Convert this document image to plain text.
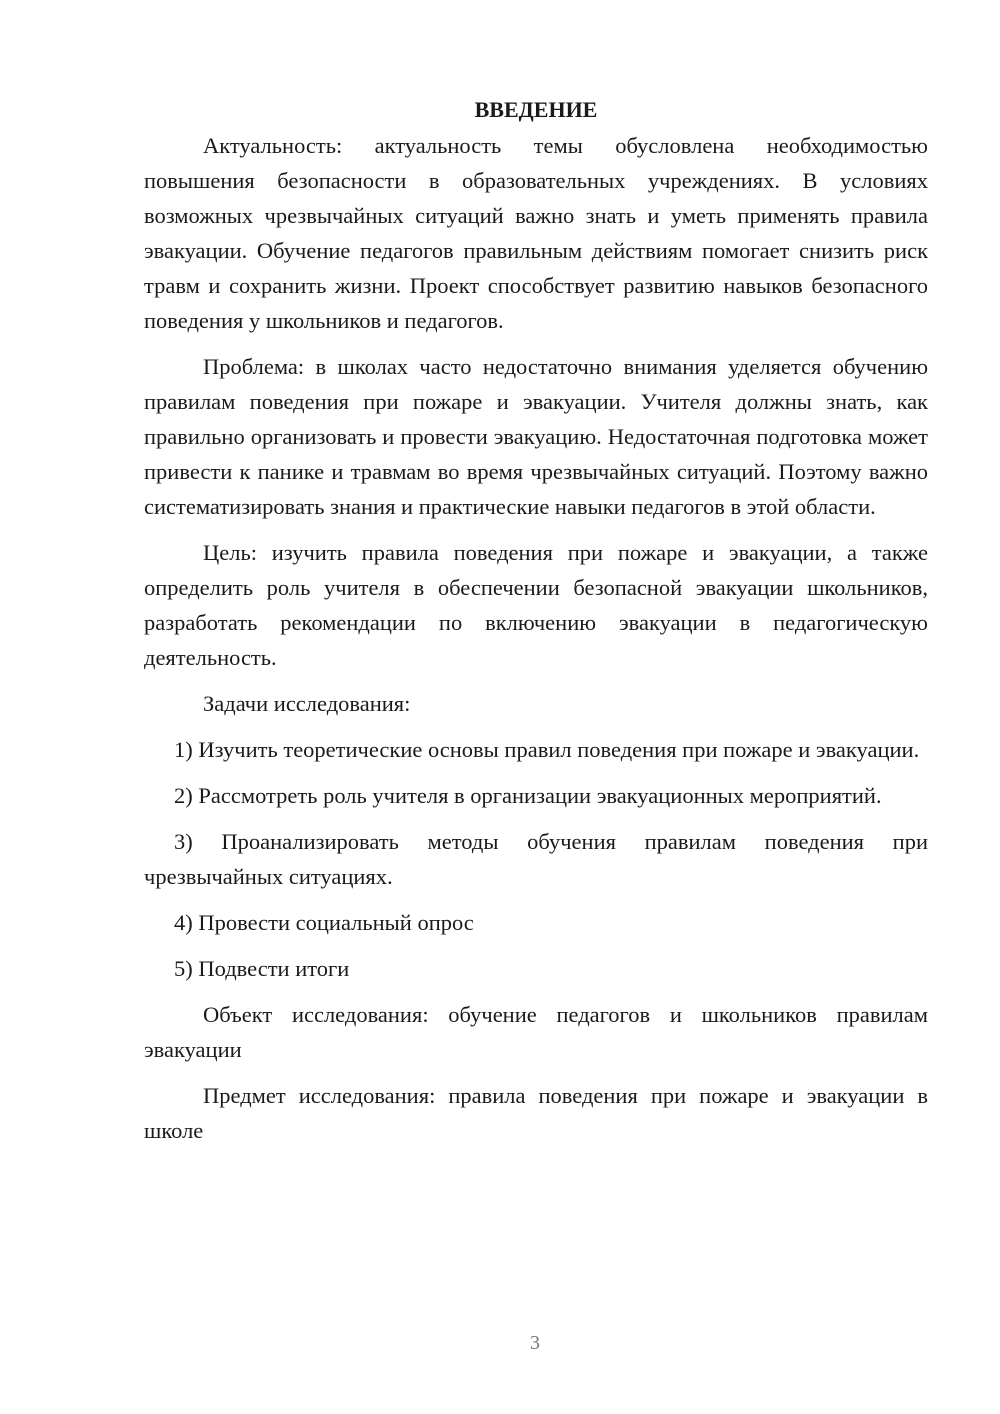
ВВЕДЕНИЕ

Актуальность: актуальность темы обусловлена необходимостью повышения безопасности в образовательных учреждениях. В условиях возможных чрезвычайных ситуаций важно знать и уметь применять правила эвакуации. Обучение педагогов правильным действиям помогает снизить риск травм и сохранить жизни. Проект способствует развитию навыков безопасного поведения у школьников и педагогов.

Проблема: в школах часто недостаточно внимания уделяется обучению правилам поведения при пожаре и эвакуации. Учителя должны знать, как правильно организовать и провести эвакуацию. Недостаточная подготовка может привести к панике и травмам во время чрезвычайных ситуаций. Поэтому важно систематизировать знания и практические навыки педагогов в этой области.

Цель: изучить правила поведения при пожаре и эвакуации, а также определить роль учителя в обеспечении безопасной эвакуации школьников, разработать рекомендации по включению эвакуации в педагогическую деятельность.

Задачи исследования:

1) Изучить теоретические основы правил поведения при пожаре и эвакуации.

2) Рассмотреть роль учителя в организации эвакуационных мероприятий.

3) Проанализировать методы обучения правилам поведения при чрезвычайных ситуациях.

4) Провести социальный опрос

5) Подвести итоги

Объект исследования: обучение педагогов и школьников правилам эвакуации

Предмет исследования: правила поведения при пожаре и эвакуации в школе

3
